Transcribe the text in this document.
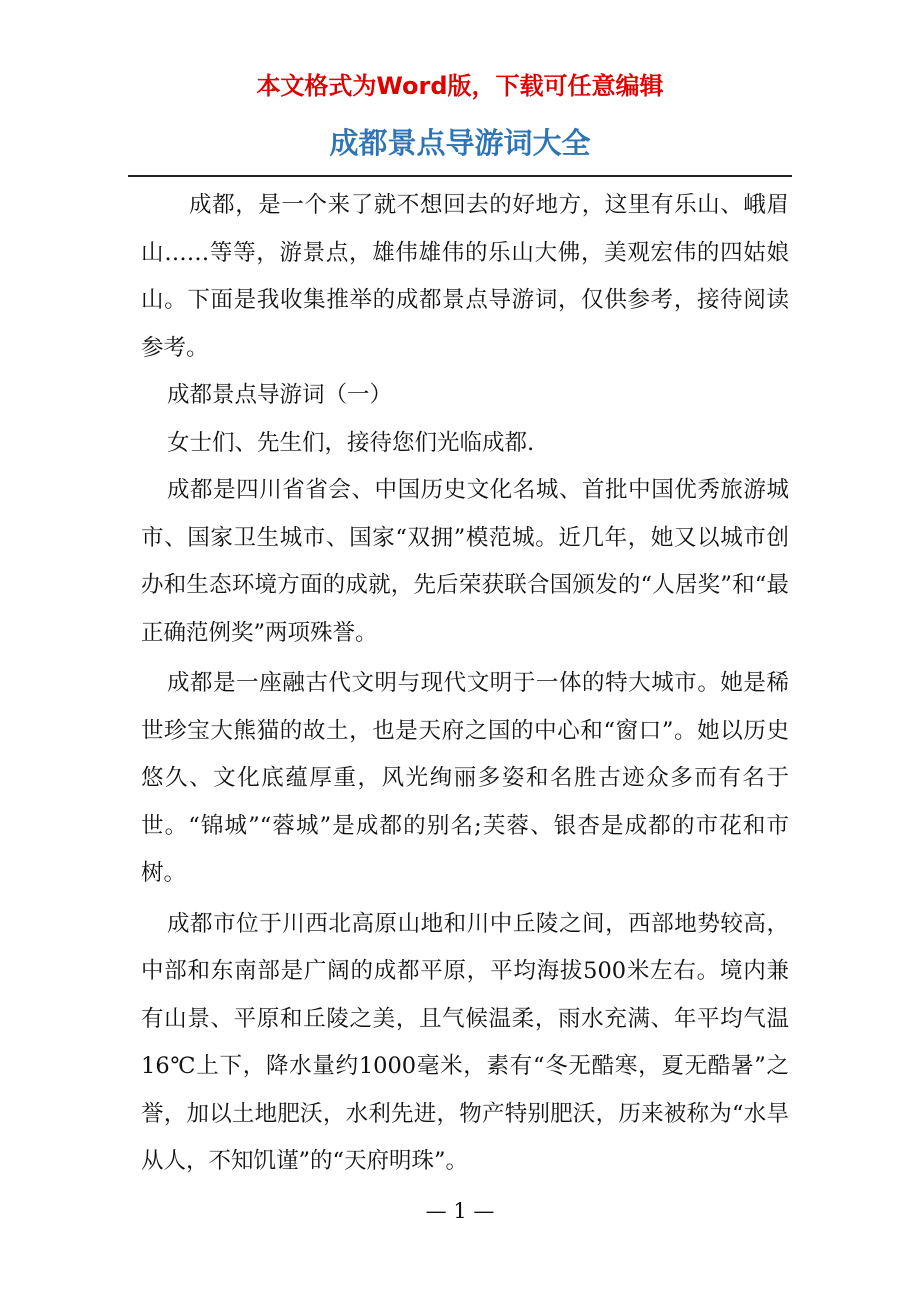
本文格式为Word版，下载可任意编辑
成都景点导游词大全

成都，是一个来了就不想回去的好地方，这里有乐山、峨眉山……等等，游景点，雄伟雄伟的乐山大佛，美观宏伟的四姑娘山。下面是我收集推举的成都景点导游词，仅供参考，接待阅读参考。

成都景点导游词（一）

女士们、先生们，接待您们光临成都.

成都是四川省省会、中国历史文化名城、首批中国优秀旅游城市、国家卫生城市、国家“双拥”模范城。近几年，她又以城市创办和生态环境方面的成就，先后荣获联合国颁发的“人居奖”和“最正确范例奖”两项殊誉。

成都是一座融古代文明与现代文明于一体的特大城市。她是稀世珍宝大熊猫的故土，也是天府之国的中心和“窗口”。她以历史悠久、文化底蕴厚重，风光绚丽多姿和名胜古迹众多而有名于世。“锦城”“蓉城”是成都的别名;芙蓉、银杏是成都的市花和市树。

成都市位于川西北高原山地和川中丘陵之间，西部地势较高，中部和东南部是广阔的成都平原，平均海拔500米左右。境内兼有山景、平原和丘陵之美，且气候温柔，雨水充满、年平均气温16℃上下，降水量约1000毫米，素有“冬无酷寒，夏无酷暑”之誉，加以土地肥沃，水利先进，物产特别肥沃，历来被称为“水旱从人，不知饥谨”的“天府明珠”。

— 1 —
